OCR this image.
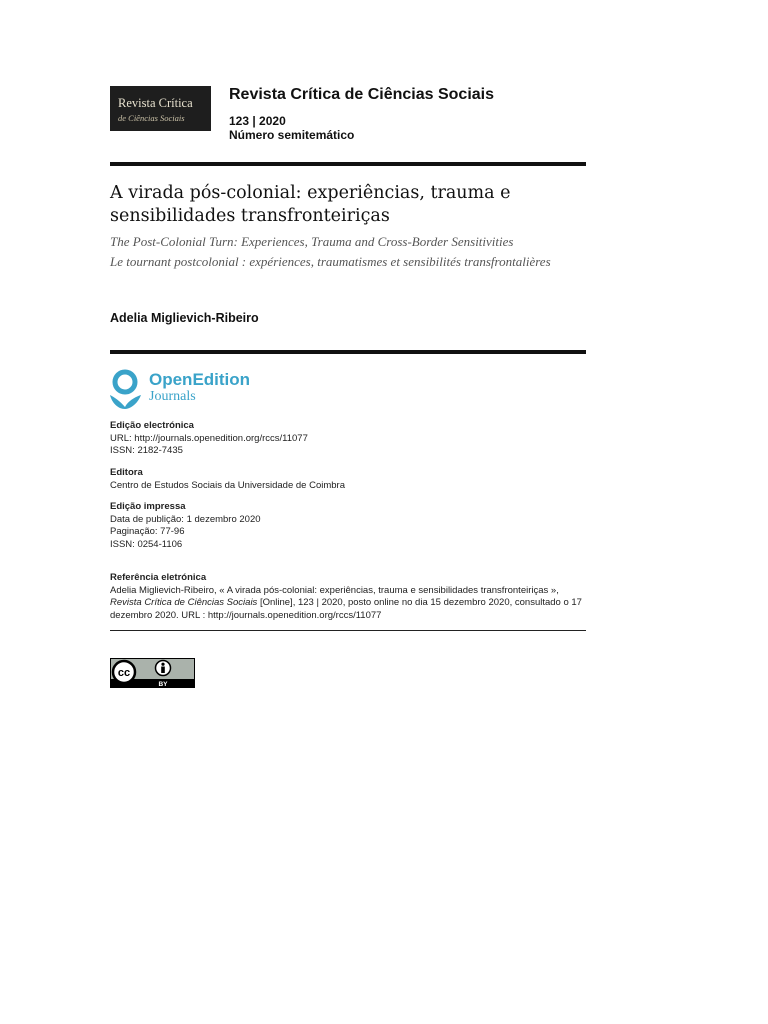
Revista Crítica
de Ciências Sociais
Revista Crítica de Ciências Sociais
123 | 2020
Número semitemático
A virada pós-colonial: experiências, trauma e sensibilidades transfronteiriças
The Post-Colonial Turn: Experiences, Trauma and Cross-Border Sensitivities
Le tournant postcolonial : expériences, traumatismes et sensibilités transfrontalières
Adelia Miglievich-Ribeiro
OpenEdition
Journals

Edição electrónica

URL: http://journals.openedition.org/rccs/11077

ISSN: 2182-7435

Editora

Centro de Estudos Sociais da Universidade de Coimbra

Edição impressa

Data de publição: 1 dezembro 2020

Paginação: 77-96

ISSN: 0254-1106

Referência eletrónica

Adelia Miglievich-Ribeiro, « A virada pós-colonial: experiências, trauma e sensibilidades transfronteiriças », Revista Crítica de Ciências Sociais [Online], 123 | 2020, posto online no dia 15 dezembro 2020, consultado o 17 dezembro 2020. URL : http://journals.openedition.org/rccs/11077

cc
BY
